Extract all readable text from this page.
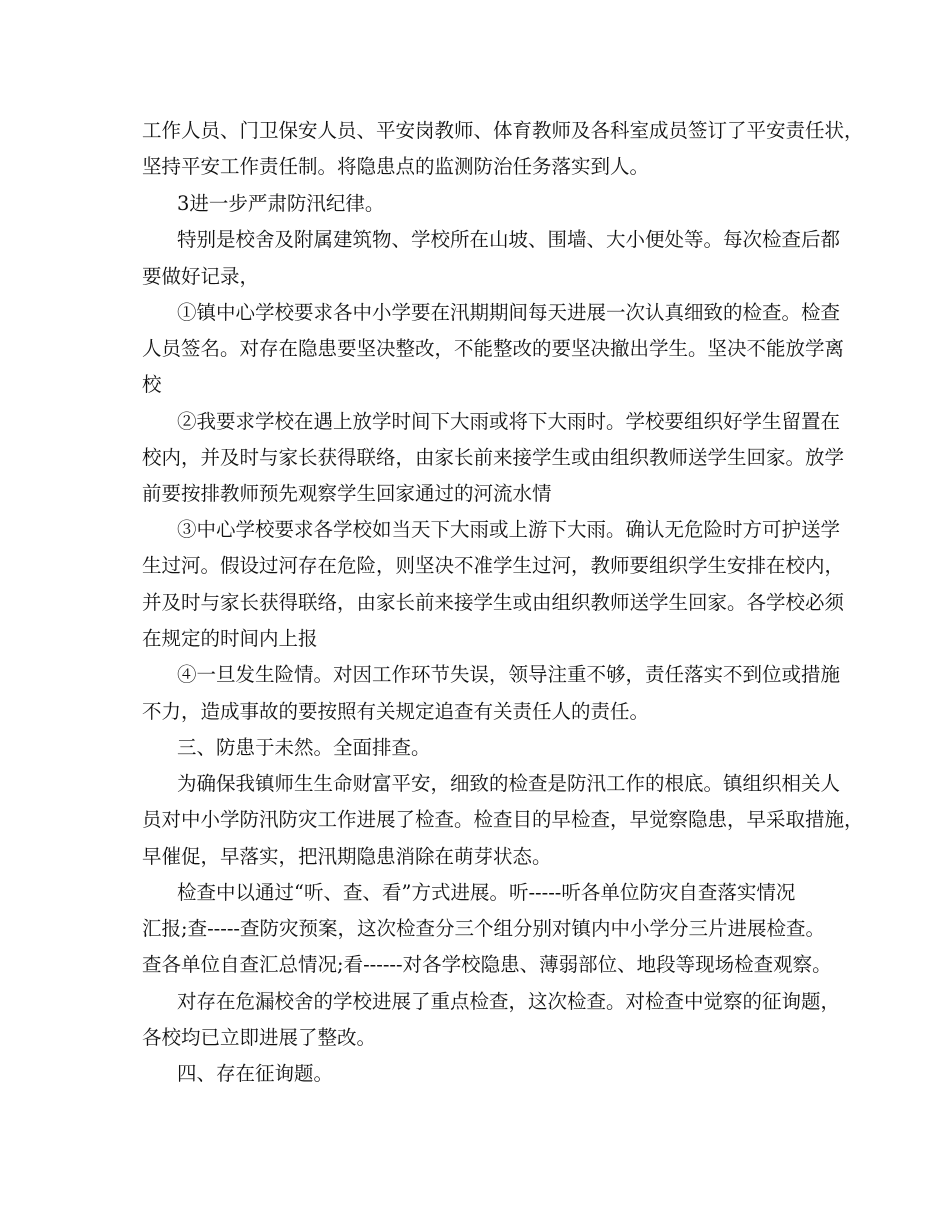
工作人员、门卫保安人员、平安岗教师、体育教师及各科室成员签订了平安责任状，
坚持平安工作责任制。将隐患点的监测防治任务落实到人。
3进一步严肃防汛纪律。
特别是校舍及附属建筑物、学校所在山坡、围墙、大小便处等。每次检查后都
要做好记录，
①镇中心学校要求各中小学要在汛期期间每天进展一次认真细致的检查。检查
人员签名。对存在隐患要坚决整改，不能整改的要坚决撤出学生。坚决不能放学离
校
②我要求学校在遇上放学时间下大雨或将下大雨时。学校要组织好学生留置在
校内，并及时与家长获得联络，由家长前来接学生或由组织教师送学生回家。放学
前要按排教师预先观察学生回家通过的河流水情
③中心学校要求各学校如当天下大雨或上游下大雨。确认无危险时方可护送学
生过河。假设过河存在危险，则坚决不准学生过河，教师要组织学生安排在校内，
并及时与家长获得联络，由家长前来接学生或由组织教师送学生回家。各学校必须
在规定的时间内上报
④一旦发生险情。对因工作环节失误，领导注重不够，责任落实不到位或措施
不力，造成事故的要按照有关规定追查有关责任人的责任。
三、防患于未然。全面排查。
为确保我镇师生生命财富平安，细致的检查是防汛工作的根底。镇组织相关人
员对中小学防汛防灾工作进展了检查。检查目的早检查，早觉察隐患，早采取措施，
早催促，早落实，把汛期隐患消除在萌芽状态。
检查中以通过“听、查、看”方式进展。听-----听各单位防灾自查落实情况
汇报;查-----查防灾预案，这次检查分三个组分别对镇内中小学分三片进展检查。
查各单位自查汇总情况;看------对各学校隐患、薄弱部位、地段等现场检查观察。
对存在危漏校舍的学校进展了重点检查，这次检查。对检查中觉察的征询题，
各校均已立即进展了整改。
四、存在征询题。
